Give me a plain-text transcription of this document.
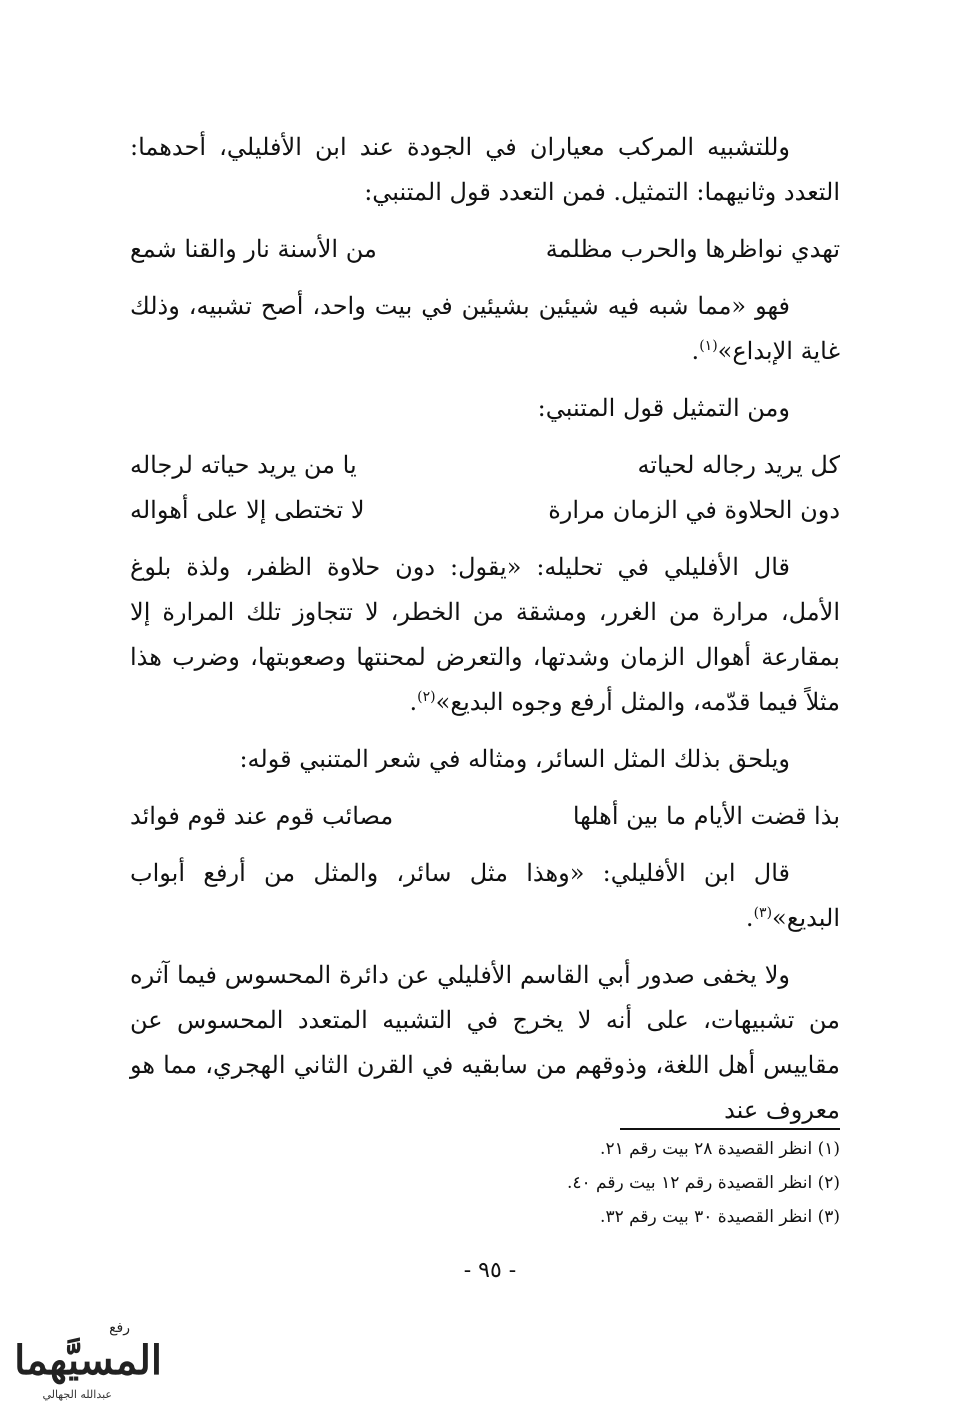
وللتشبيه المركب معياران في الجودة عند ابن الأفليلي، أحدهما: التعدد وثانيهما: التمثيل. فمن التعدد قول المتنبي:

تهدي نواظرها والحرب مظلمة
من الأسنة نار والقنا شمع

فهو «مما شبه فيه شيئين بشيئين في بيت واحد، أصح تشبيه، وذلك غاية الإبداع»$^{(١)}$.

ومن التمثيل قول المتنبي:

كل يريد رجاله لحياته
يا من يريد حياته لرجاله
دون الحلاوة في الزمان مرارة
لا تختطى إلا على أهواله

قال الأفليلي في تحليله: «يقول: دون حلاوة الظفر، ولذة بلوغ الأمل، مرارة من الغرر، ومشقة من الخطر، لا تتجاوز تلك المرارة إلا بمقارعة أهوال الزمان وشدتها، والتعرض لمحنتها وصعوبتها، وضرب هذا مثلاً فيما قدّمه، والمثل أرفع وجوه البديع»$^{(٢)}$.

ويلحق بذلك المثل السائر، ومثاله في شعر المتنبي قوله:

بذا قضت الأيام ما بين أهلها
مصائب قوم عند قوم فوائد

قال ابن الأفليلي: «وهذا مثل سائر، والمثل من أرفع أبواب البديع»$^{(٣)}$.

ولا يخفى صدور أبي القاسم الأفليلي عن دائرة المحسوس فيما آثره من تشبيهات، على أنه لا يخرج في التشبيه المتعدد المحسوس عن مقاييس أهل اللغة، وذوقهم من سابقيه في القرن الثاني الهجري، مما هو معروف عند

(١) انظر القصيدة ٢٨ بيت رقم ٢١.

(٢) انظر القصيدة رقم ١٢ بيت رقم ٤٠.

(٣) انظر القصيدة ٣٠ بيت رقم ٣٢.

- ٩٥ -
رفع
المسيَّهما
عبدالله الجهالي
